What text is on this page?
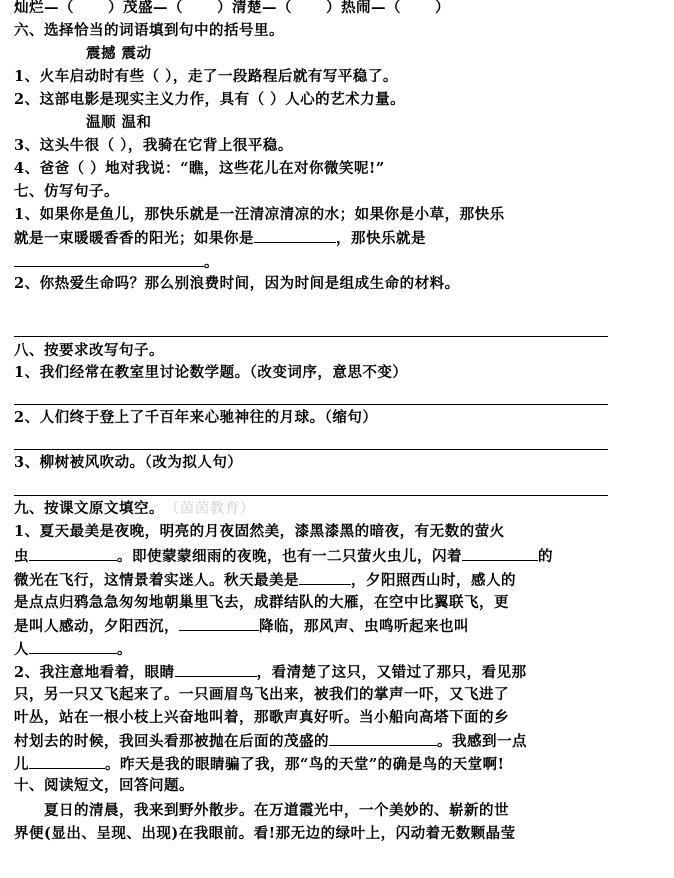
灿烂—（ ）茂盛—（ ）清楚—（ ）热闹—（ ）
六、选择恰当的词语填到句中的括号里。
震撼 震动
1、火车启动时有些（ ），走了一段路程后就有写平稳了。
2、这部电影是现实主义力作，具有（ ）人心的艺术力量。
温顺 温和
3、这头牛很（ ），我骑在它背上很平稳。
4、爸爸（ ）地对我说：“瞧，这些花儿在对你微笑呢!”
七、仿写句子。
1、如果你是鱼儿，那快乐就是一汪清凉清凉的水；如果你是小草，那快乐
就是一束暖暖香香的阳光；如果你是	，那快乐就是
。
2、你热爱生命吗？那么别浪费时间，因为时间是组成生命的材料。
八、按要求改写句子。
1、我们经常在教室里讨论数学题。（改变词序，意思不变）
2、人们终于登上了千百年来心驰神往的月球。（缩句）
3、柳树被风吹动。（改为拟人句）
九、按课文原文填空。 （茵茵教育）
1、夏天最美是夜晚，明亮的月夜固然美，漆黑漆黑的暗夜，有无数的萤火
虫	。即使蒙蒙细雨的夜晚，也有一二只萤火虫儿，闪着	的
微光在飞行，这情景着实迷人。秋天最美是	，夕阳照西山时，感人的
是点点归鸦急急匆匆地朝巢里飞去，成群结队的大雁，在空中比翼联飞，更
是叫人感动，夕阳西沉，	降临，那风声、虫鸣听起来也叫
人	。
2、我注意地看着，眼睛	，看清楚了这只，又错过了那只，看见那
只，另一只又飞起来了。一只画眉鸟飞出来，被我们的掌声一吓，又飞进了
叶丛，站在一根小枝上兴奋地叫着，那歌声真好听。当小船向高塔下面的乡
村划去的时候，我回头看那被抛在后面的茂盛的	。我感到一点
儿	。昨天是我的眼睛骗了我，那“鸟的天堂”的确是鸟的天堂啊!
十、阅读短文，回答问题。
夏日的清晨，我来到野外散步。在万道霞光中，一个美妙的、崭新的世
界便(显出、呈现、出现)在我眼前。看!那无边的绿叶上，闪动着无数颗晶莹
